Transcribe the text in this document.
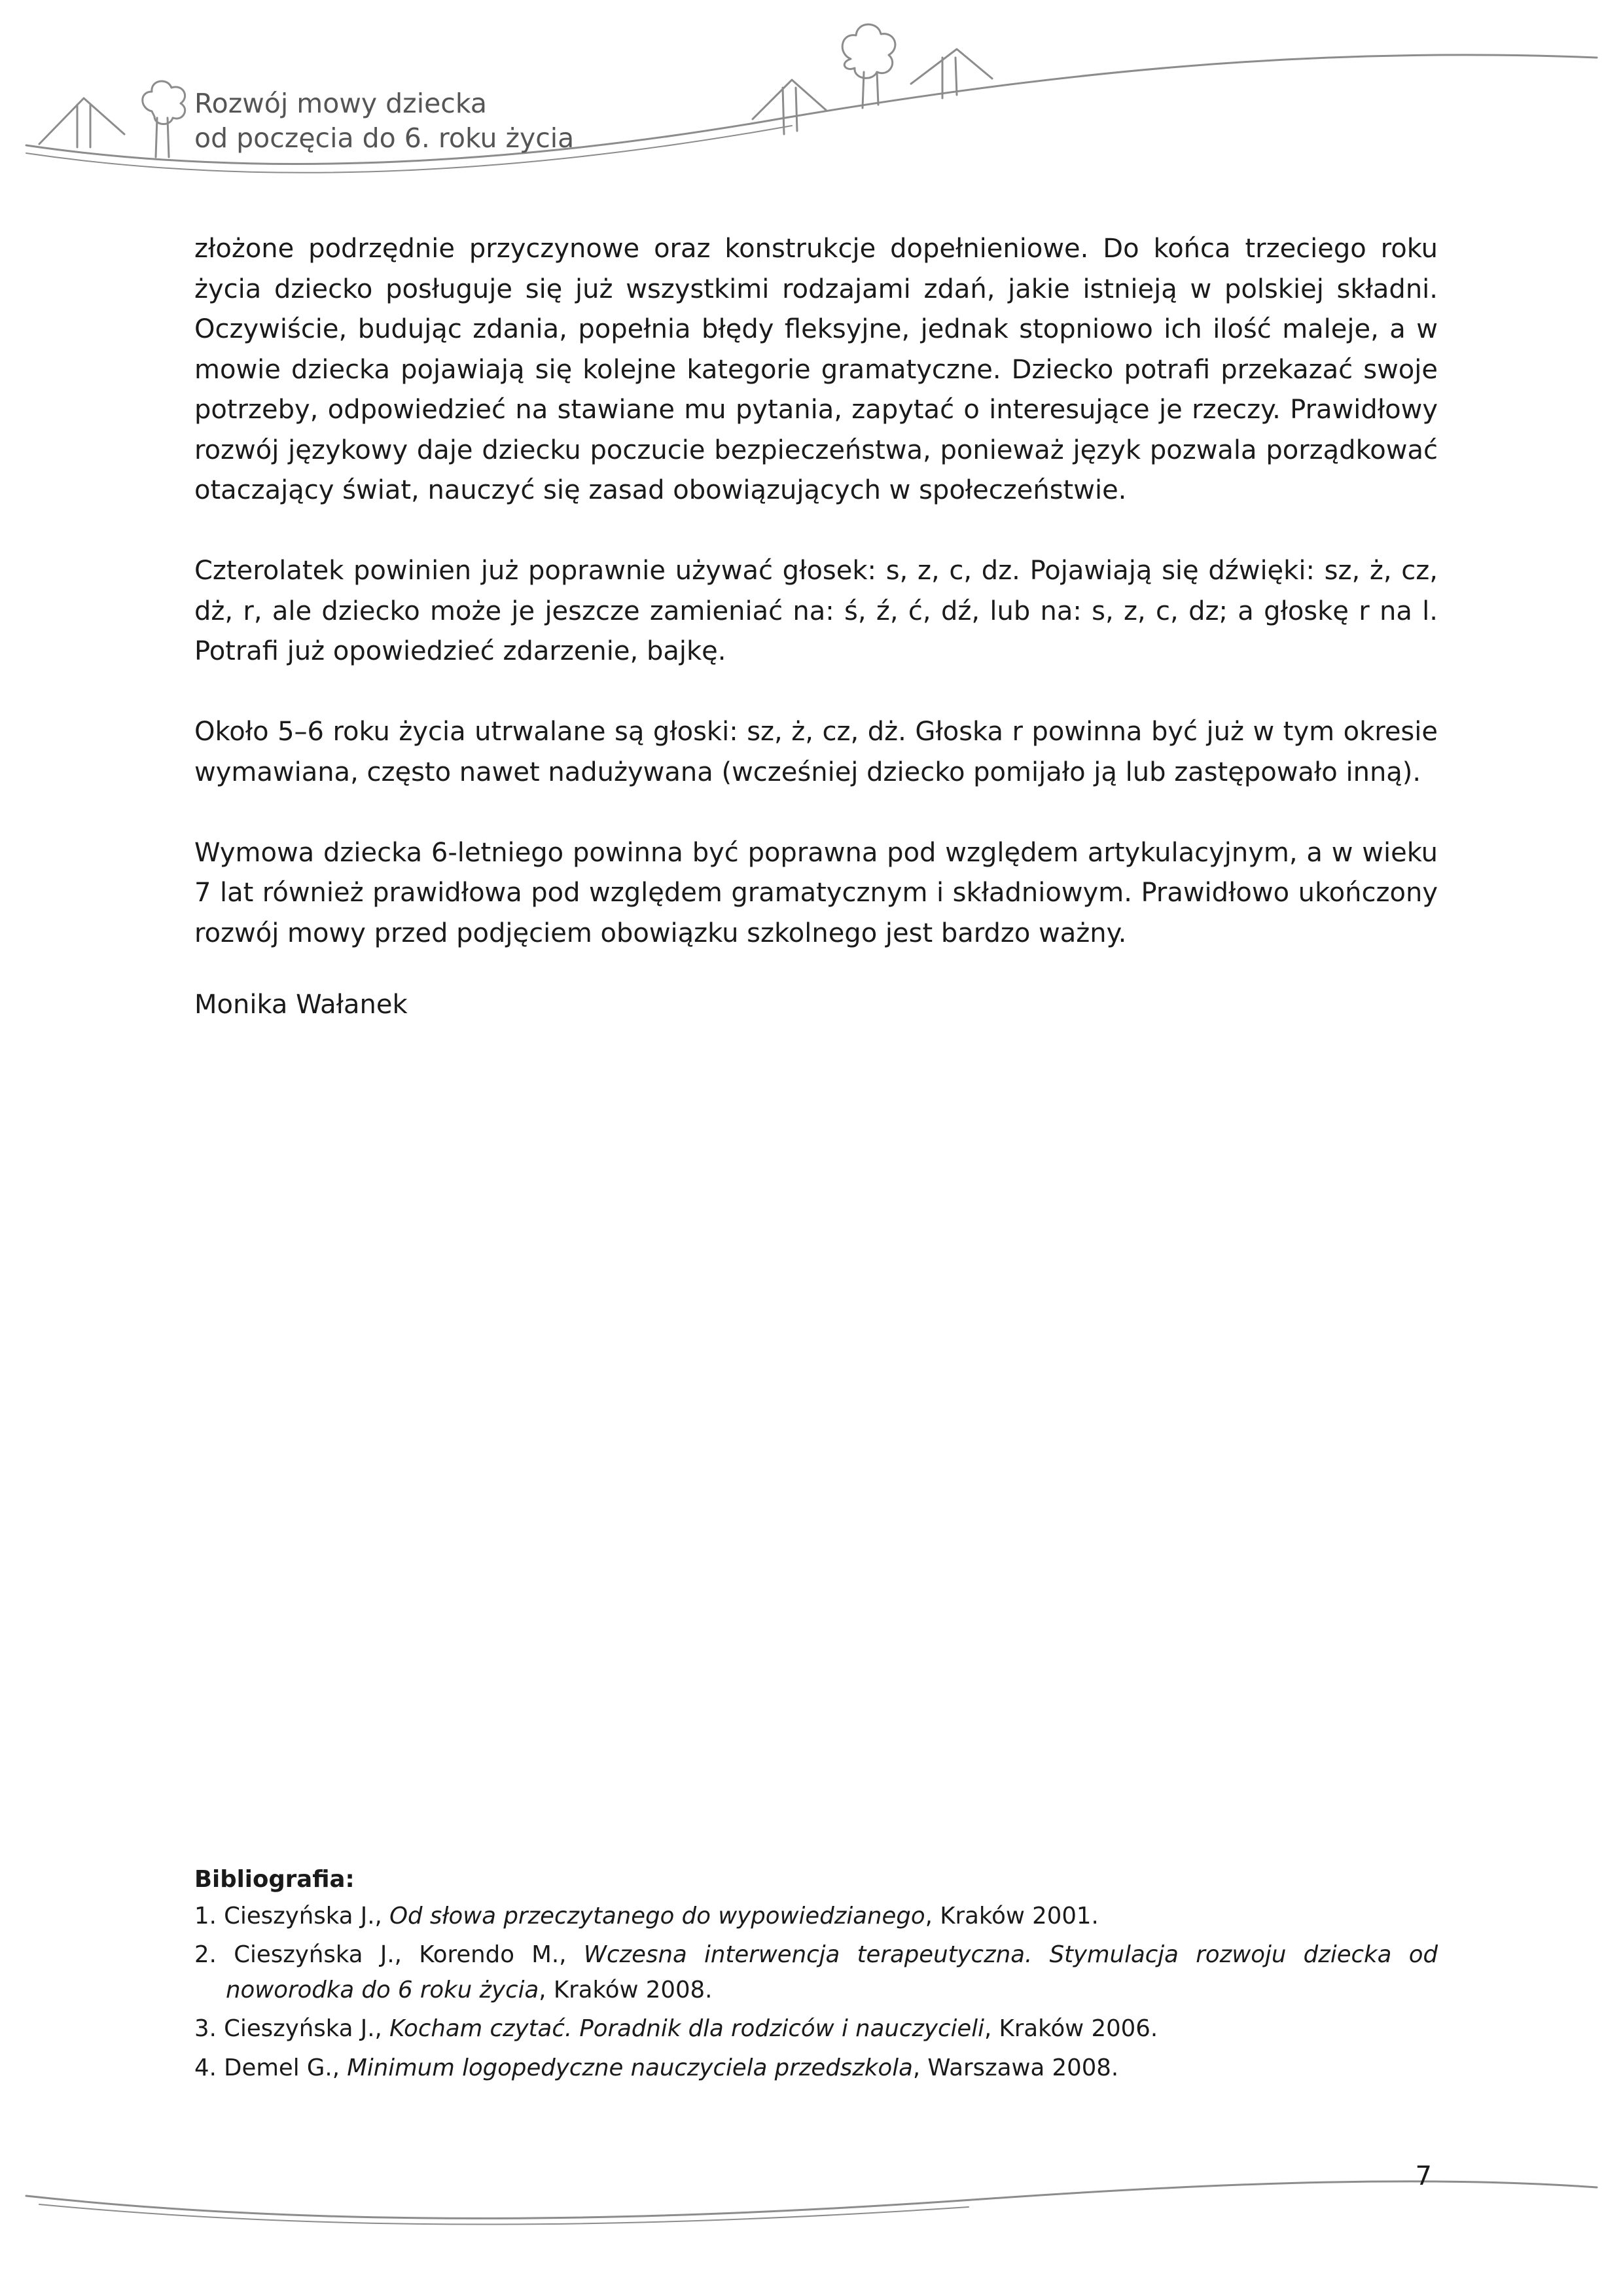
Rozwój mowy dziecka
od poczęcia do 6. roku życia

złożone podrzędnie przyczynowe oraz konstrukcje dopełnieniowe. Do końca trzeciego roku życia dziecko posługuje się już wszystkimi rodzajami zdań, jakie istnieją w polskiej składni. Oczywiście, budując zdania, popełnia błędy fleksyjne, jednak stopniowo ich ilość maleje, a w mowie dziecka pojawiają się kolejne kategorie gramatyczne. Dziecko potrafi przekazać swoje potrzeby, odpowiedzieć na stawiane mu pytania, zapytać o interesujące je rzeczy. Prawidłowy rozwój językowy daje dziecku poczucie bezpieczeństwa, ponieważ język pozwala porządkować otaczający świat, nauczyć się zasad obowiązujących w społeczeństwie.

Czterolatek powinien już poprawnie używać głosek: s, z, c, dz. Pojawiają się dźwięki: sz, ż, cz, dż, r, ale dziecko może je jeszcze zamieniać na: ś, ź, ć, dź, lub na: s, z, c, dz; a głoskę r na l. Potrafi już opowiedzieć zdarzenie, bajkę.

Około 5–6 roku życia utrwalane są głoski: sz, ż, cz, dż. Głoska r powinna być już w tym okresie wymawiana, często nawet nadużywana (wcześniej dziecko pomijało ją lub zastępowało inną).

Wymowa dziecka 6-letniego powinna być poprawna pod względem artykulacyjnym, a w wieku 7 lat również prawidłowa pod względem gramatycznym i składniowym. Prawidłowo ukończony rozwój mowy przed podjęciem obowiązku szkolnego jest bardzo ważny.

Monika Wałanek

Bibliografia:
1. Cieszyńska J., Od słowa przeczytanego do wypowiedzianego, Kraków 2001.
2. Cieszyńska J., Korendo M., Wczesna interwencja terapeutyczna. Stymulacja rozwoju dziecka od noworodka do 6 roku życia, Kraków 2008.
3. Cieszyńska J., Kocham czytać. Poradnik dla rodziców i nauczycieli, Kraków 2006.
4. Demel G., Minimum logopedyczne nauczyciela przedszkola, Warszawa 2008.
7
